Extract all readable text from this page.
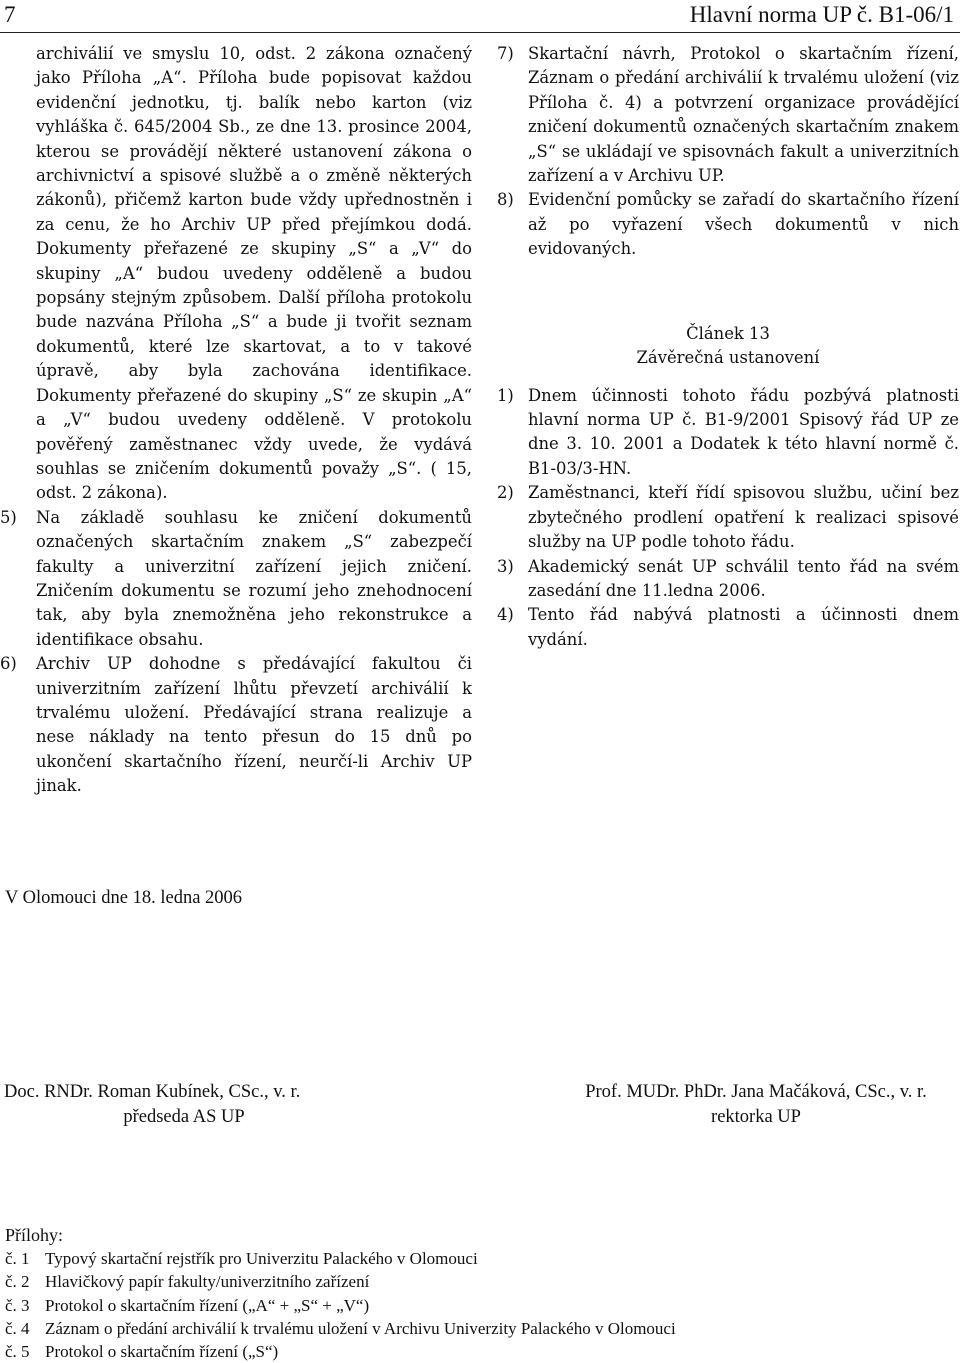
7	Hlavní norma UP č. B1-06/1

archiválií ve smyslu 10, odst. 2 zákona označený jako Příloha „A“. Příloha bude popisovat každou evidenční jednotku, tj. balík nebo karton (viz vyhláška č. 645/2004 Sb., ze dne 13. prosince 2004, kterou se provádějí některé ustanovení zákona o archivnictví a spisové službě a o změně některých zákonů), přičemž karton bude vždy upřednostněn i za cenu, že ho Archiv UP před přejímkou dodá. Dokumenty přeřazené ze skupiny „S“ a „V“ do skupiny „A“ budou uvedeny odděleně a budou popsány stejným způsobem. Další příloha protokolu bude nazvána Příloha „S“ a bude ji tvořit seznam dokumentů, které lze skartovat, a to v takové úpravě, aby byla zachována identifikace. Dokumenty přeřazené do skupiny „S“ ze skupin „A“ a „V“ budou uvedeny odděleně. V protokolu pověřený zaměstnanec vždy uvede, že vydává souhlas se zničením dokumentů považy „S“. ( 15, odst. 2 zákona).

5)	Na základě souhlasu ke zničení dokumentů označených skartačním znakem „S“ zabezpečí fakulty a univerzitní zařízení jejich zničení. Zničením dokumentu se rozumí jeho znehodnocení tak, aby byla znemožněna jeho rekonstrukce a identifikace obsahu.
6)	Archiv UP dohodne s předávající fakultou či univerzitním zařízení lhůtu převzetí archiválií k trvalému uložení. Předávající strana realizuje a nese náklady na tento přesun do 15 dnů po ukončení skartačního řízení, neurčí-li Archiv UP jinak.
7) Skartační návrh, Protokol o skartačním řízení, Záznam o předání archiválií k trvalému uložení (viz Příloha č. 4) a potvrzení organizace provádějící zničení dokumentů označených skartačním znakem „S“ se ukládají ve spisovnách fakult a univerzitních zařízení a v Archivu UP.
8) Evidenční pomůcky se zařadí do skartačního řízení až po vyřazení všech dokumentů v nich evidovaných.
Článek 13
Závěrečná ustanovení
1) Dnem účinnosti tohoto řádu pozbývá platnosti hlavní norma UP č. B1-9/2001 Spisový řád UP ze dne 3. 10. 2001 a Dodatek k této hlavní normě č. B1-03/3-HN.
2) Zaměstnanci, kteří řídí spisovou službu, učiní bez zbytečného prodlení opatření k realizaci spisové služby na UP podle tohoto řádu.
3) Akademický senát UP schválil tento řád na svém zasedání dne 11.ledna 2006.
4) Tento řád nabývá platnosti a účinnosti dnem vydání.
V Olomouci dne 18. ledna 2006
Doc. RNDr. Roman Kubínek, CSc., v. r.
předseda AS UP
Prof. MUDr. PhDr. Jana Mačáková, CSc., v. r.
rektorka UP
Přílohy:
č. 1 Typový skartační rejstřík pro Univerzitu Palackého v Olomouci
č. 2 Hlavičkový papír fakulty/univerzitního zařízení
č. 3 Protokol o skartačním řízení („A“ + „S“ + „V“)
č. 4 Záznam o předání archiválií k trvalému uložení v Archivu Univerzity Palackého v Olomouci
č. 5 Protokol o skartačním řízení („S“)
